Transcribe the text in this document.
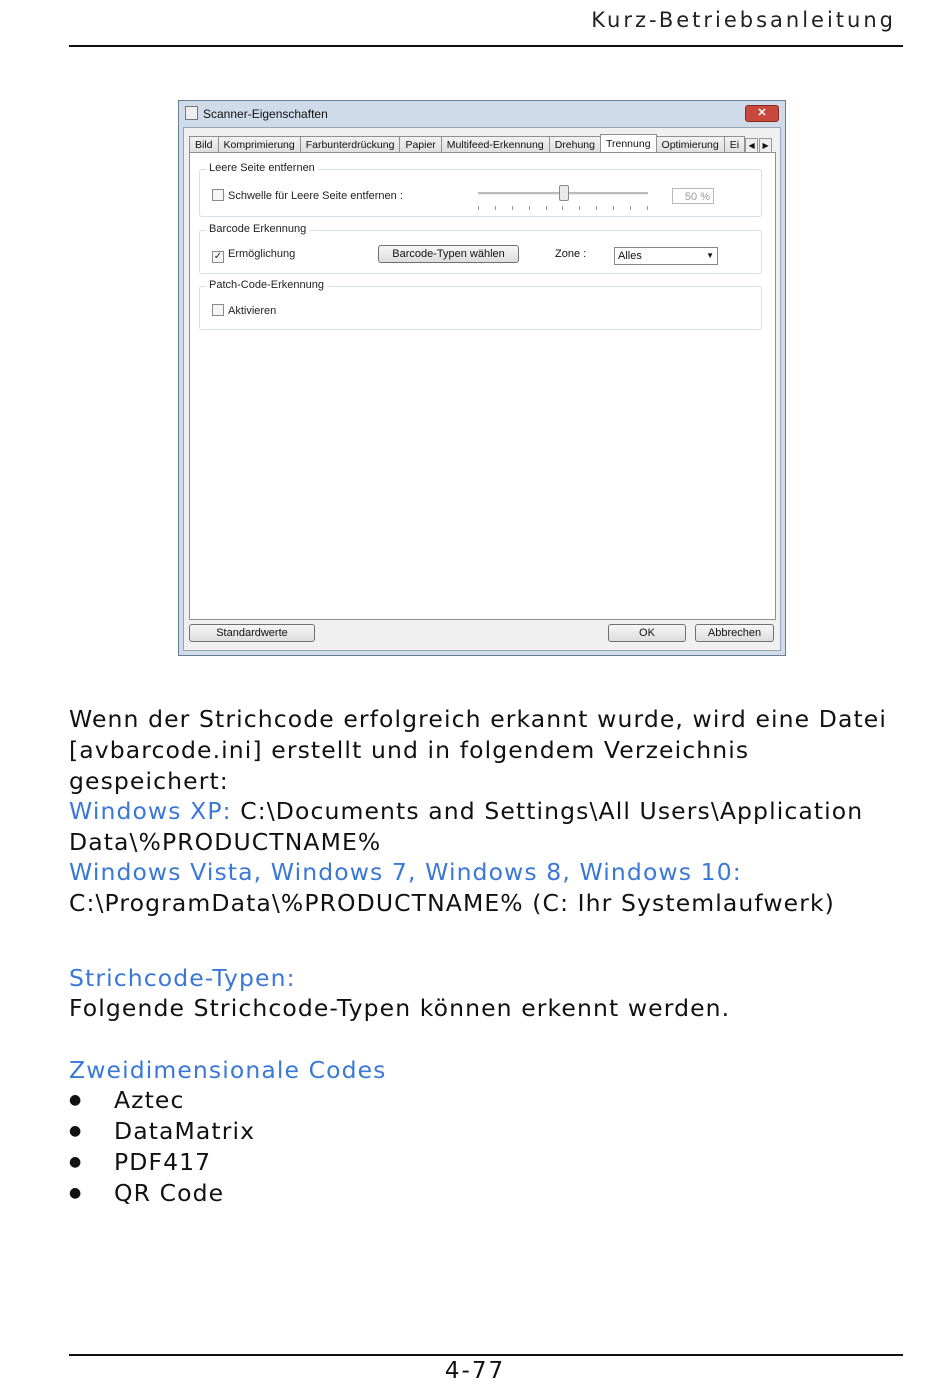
Kurz-Betriebsanleitung
Scanner-Eigenschaften	✕
Bild Komprimierung Farbunterdrückung Papier Multifeed-Erkennung Drehung Trennung Optimierung Ei ◀ ▶
Leere Seite entfernen
Schwelle für Leere Seite entfernen :	50 %
Barcode Erkennung
✓ Ermöglichung	Barcode-Typen wählen	Zone :	Alles	▼
Patch-Code-Erkennung
Aktivieren
Standardwerte	OK	Abbrechen
Wenn der Strichcode erfolgreich erkannt wurde, wird eine Datei
[avbarcode.ini] erstellt und in folgendem Verzeichnis
gespeichert:
Windows XP: C:\Documents and Settings\All Users\Application
Data\%PRODUCTNAME%
Windows Vista, Windows 7, Windows 8, Windows 10:
C:\ProgramData\%PRODUCTNAME% (C: Ihr Systemlaufwerk)
Strichcode-Typen:
Folgende Strichcode-Typen können erkennt werden.
Zweidimensionale Codes
● Aztec
● DataMatrix
● PDF417
● QR Code
4-77
